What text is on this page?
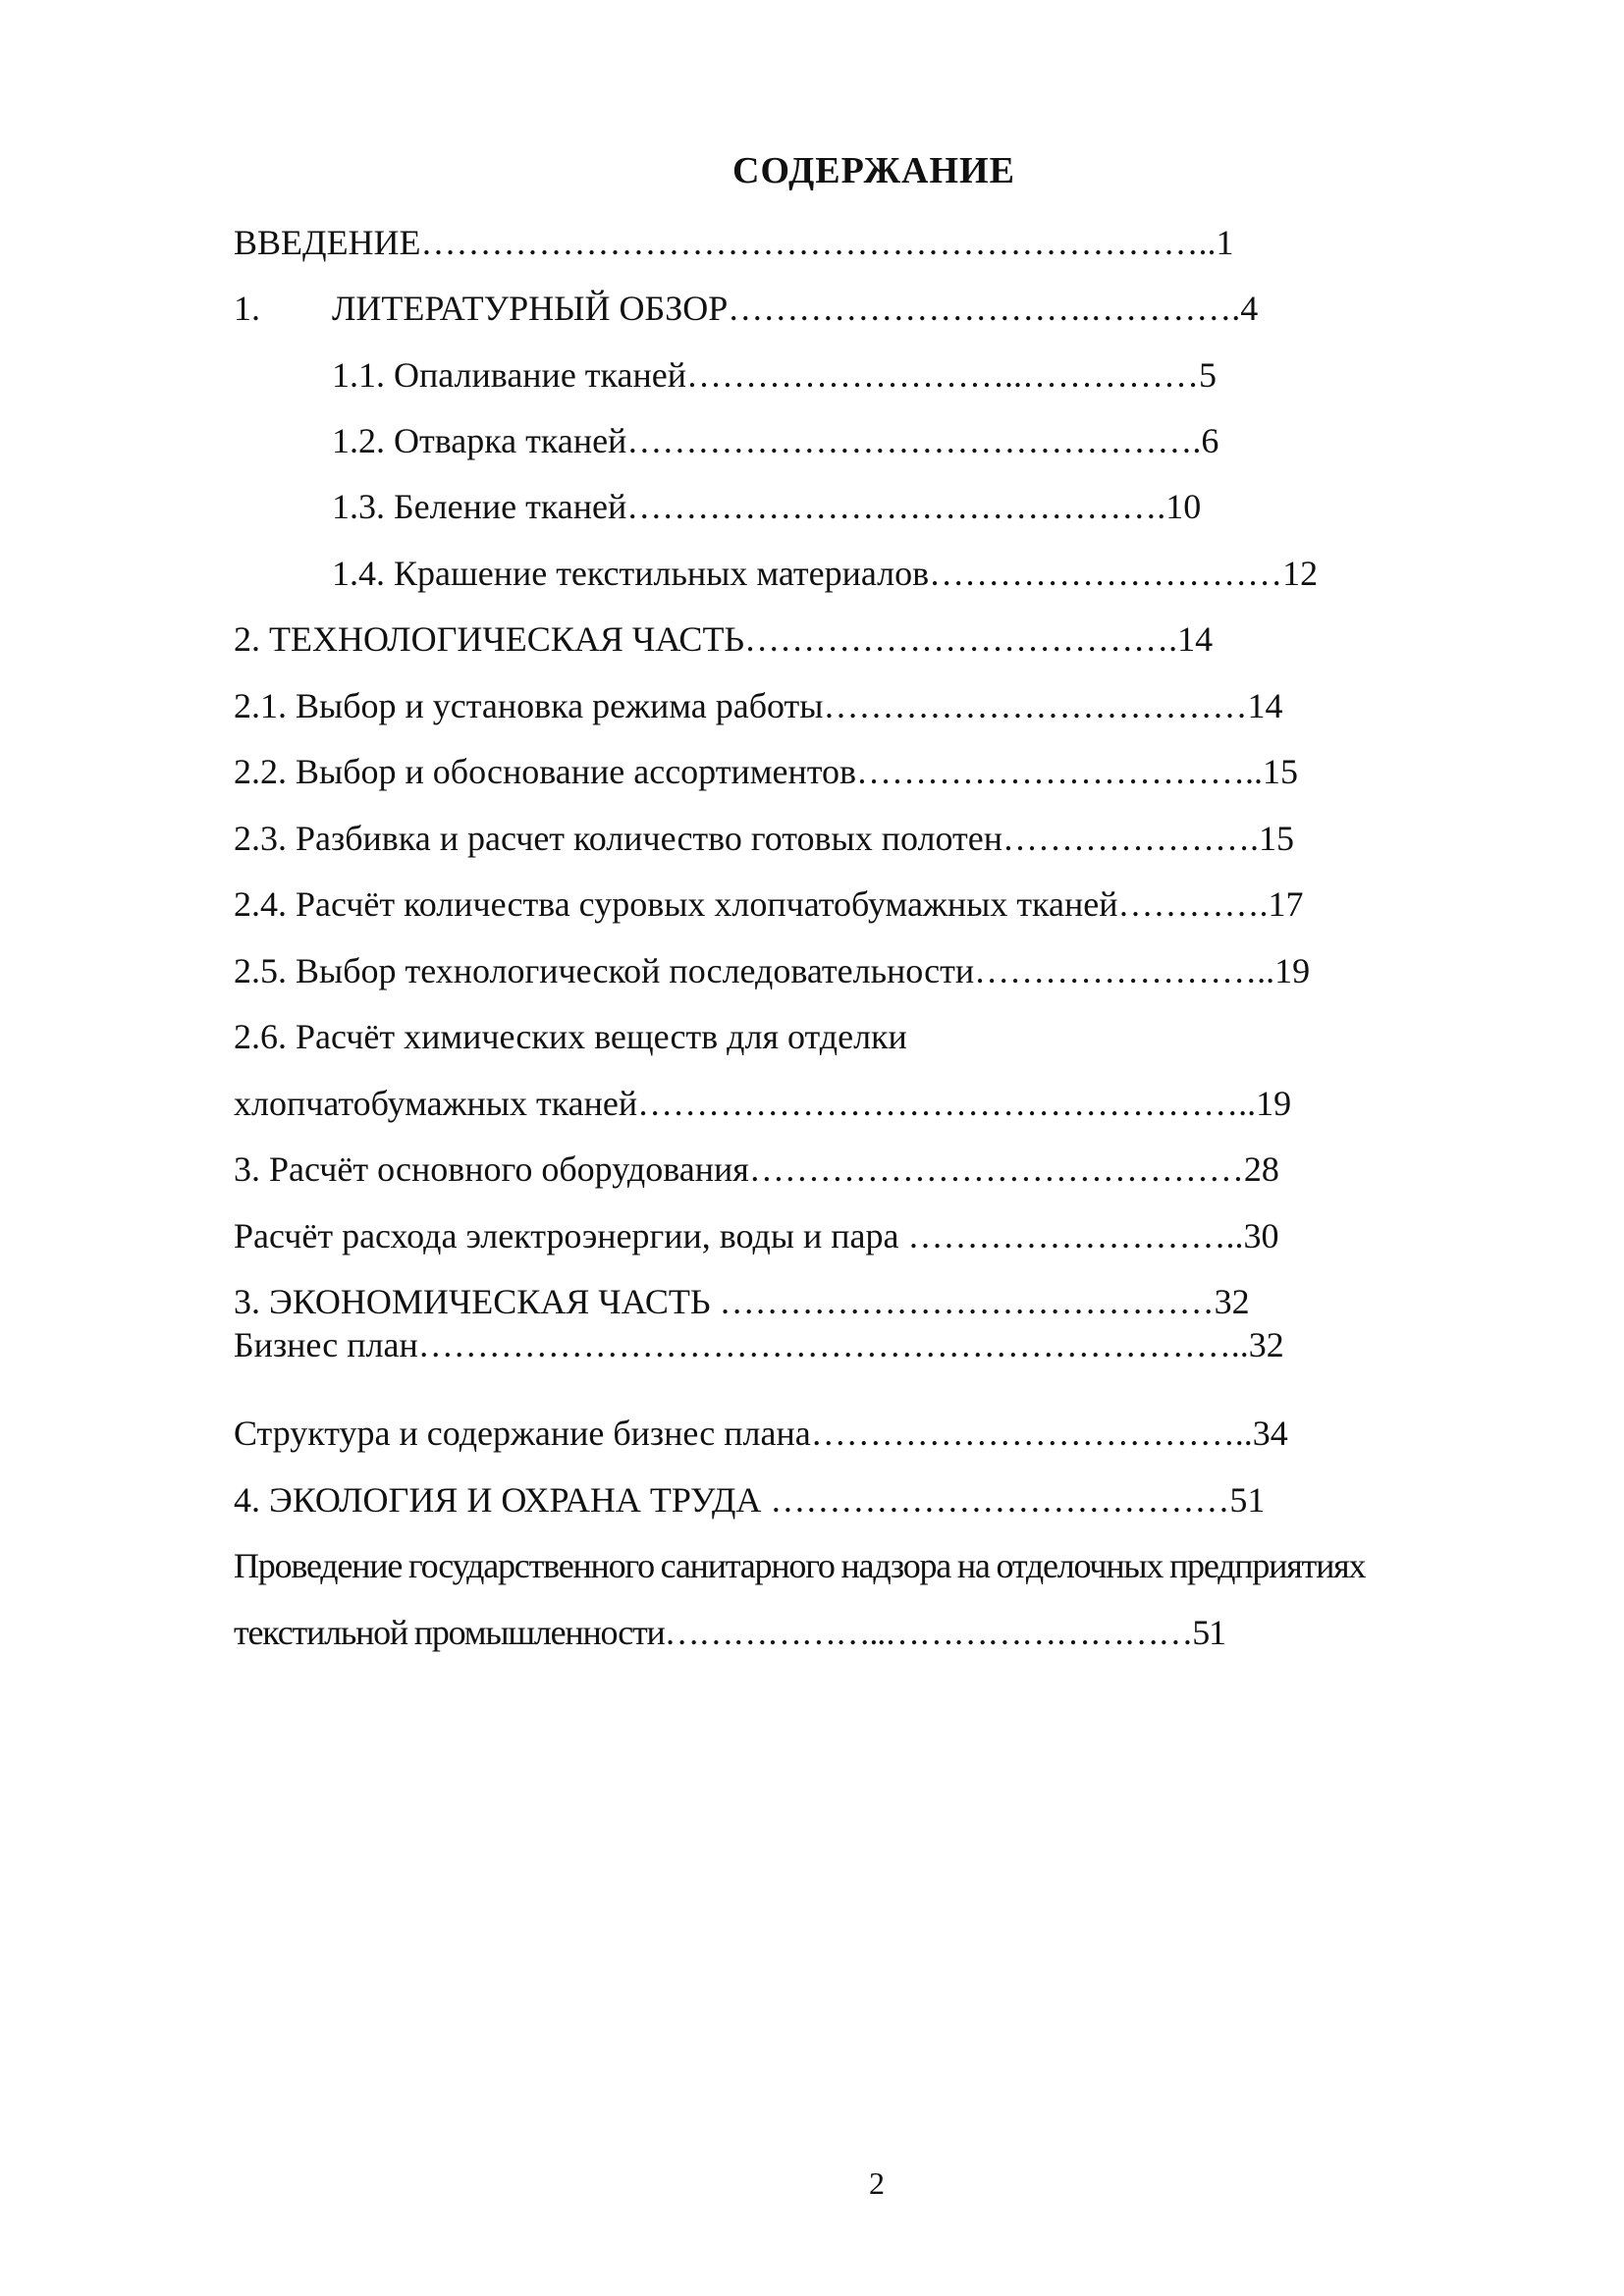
СОДЕРЖАНИЕ
ВВЕДЕНИЕ…………………………………………………………..1
1. ЛИТЕРАТУРНЫЙ ОБЗОР………………………….………….4
1.1. Опаливание тканей………………………..……………5
1.2. Отварка тканей………………………………………….6
1.3. Беление тканей……………………………………….10
1.4. Крашение текстильных материалов…………………………12
2. ТЕХНОЛОГИЧЕСКАЯ ЧАСТЬ……………………………….14
2.1. Выбор и установка режима работы………………………………14
2.2. Выбор и обоснование ассортиментов……………………………..15
2.3. Разбивка и расчет количество готовых полотен………………….15
2.4. Расчёт количества суровых хлопчатобумажных тканей………….17
2.5. Выбор технологической последовательности……………………..19
2.6. Расчёт химических веществ для отделки
хлопчатобумажных тканей……………………………………………..19
3. Расчёт основного оборудования……………………………………28
Расчёт расхода электроэнергии, воды и пара ………………………..30
3. ЭКОНОМИЧЕСКАЯ ЧАСТЬ ……………………………………32
Бизнес план……………………………………………………………..32
Структура и содержание бизнес плана………………………………..34
4. ЭКОЛОГИЯ И ОХРАНА ТРУДА …………………………………51
Проведение государственного санитарного надзора на отделочных предприятиях
текстильной промышленности………………..………………………51
2
